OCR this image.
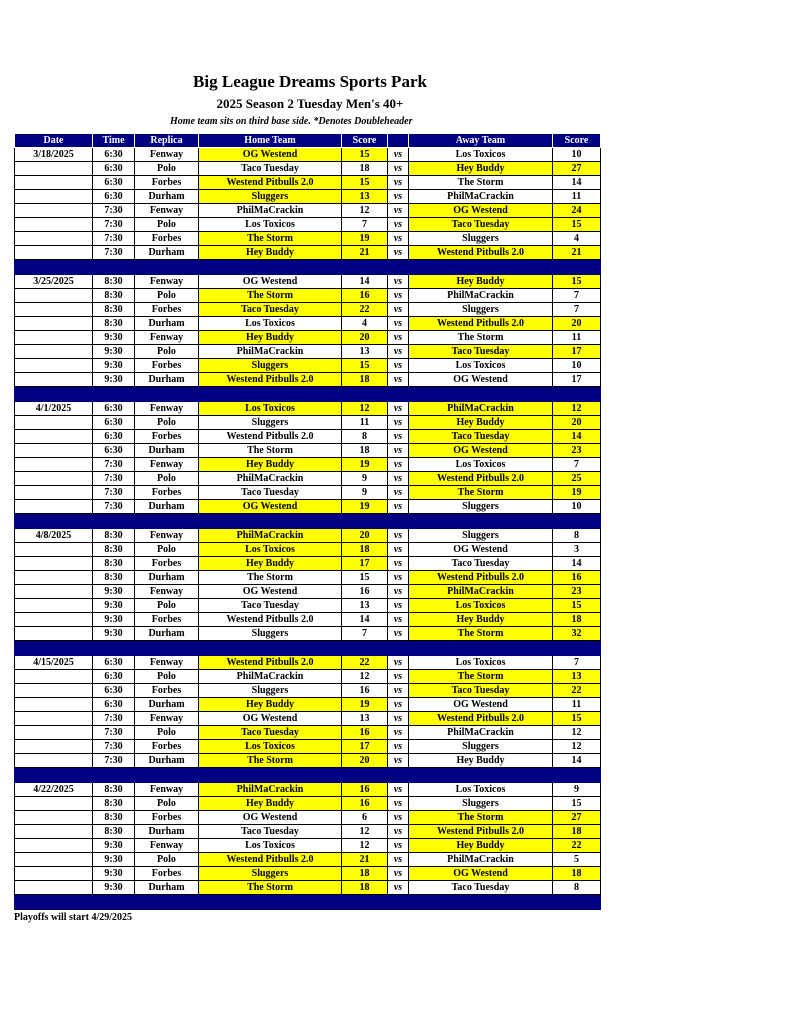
Big League Dreams Sports Park
2025 Season 2 Tuesday Men's 40+
Home team sits on third base side. *Denotes Doubleheader
Date	Time	Replica	Home Team	Score		Away Team	Score
3/18/2025	6:30	Fenway	OG Westend	15	vs	Los Toxicos	10
	6:30	Polo	Taco Tuesday	18	vs	Hey Buddy	27
	6:30	Forbes	Westend Pitbulls 2.0	15	vs	The Storm	14
	6:30	Durham	Sluggers	13	vs	PhilMaCrackin	11
	7:30	Fenway	PhilMaCrackin	12	vs	OG Westend	24
	7:30	Polo	Los Toxicos	7	vs	Taco Tuesday	15
	7:30	Forbes	The Storm	19	vs	Sluggers	4
	7:30	Durham	Hey Buddy	21	vs	Westend Pitbulls 2.0	21

3/25/2025	8:30	Fenway	OG Westend	14	vs	Hey Buddy	15
	8:30	Polo	The Storm	16	vs	PhilMaCrackin	7
	8:30	Forbes	Taco Tuesday	22	vs	Sluggers	7
	8:30	Durham	Los Toxicos	4	vs	Westend Pitbulls 2.0	20
	9:30	Fenway	Hey Buddy	20	vs	The Storm	11
	9:30	Polo	PhilMaCrackin	13	vs	Taco Tuesday	17
	9:30	Forbes	Sluggers	15	vs	Los Toxicos	10
	9:30	Durham	Westend Pitbulls 2.0	18	vs	OG Westend	17

4/1/2025	6:30	Fenway	Los Toxicos	12	vs	PhilMaCrackin	12
	6:30	Polo	Sluggers	11	vs	Hey Buddy	20
	6:30	Forbes	Westend Pitbulls 2.0	8	vs	Taco Tuesday	14
	6:30	Durham	The Storm	18	vs	OG Westend	23
	7:30	Fenway	Hey Buddy	19	vs	Los Toxicos	7
	7:30	Polo	PhilMaCrackin	9	vs	Westend Pitbulls 2.0	25
	7:30	Forbes	Taco Tuesday	9	vs	The Storm	19
	7:30	Durham	OG Westend	19	vs	Sluggers	10

4/8/2025	8:30	Fenway	PhilMaCrackin	20	vs	Sluggers	8
	8:30	Polo	Los Toxicos	18	vs	OG Westend	3
	8:30	Forbes	Hey Buddy	17	vs	Taco Tuesday	14
	8:30	Durham	The Storm	15	vs	Westend Pitbulls 2.0	16
	9:30	Fenway	OG Westend	16	vs	PhilMaCrackin	23
	9:30	Polo	Taco Tuesday	13	vs	Los Toxicos	15
	9:30	Forbes	Westend Pitbulls 2.0	14	vs	Hey Buddy	18
	9:30	Durham	Sluggers	7	vs	The Storm	32

4/15/2025	6:30	Fenway	Westend Pitbulls 2.0	22	vs	Los Toxicos	7
	6:30	Polo	PhilMaCrackin	12	vs	The Storm	13
	6:30	Forbes	Sluggers	16	vs	Taco Tuesday	22
	6:30	Durham	Hey Buddy	19	vs	OG Westend	11
	7:30	Fenway	OG Westend	13	vs	Westend Pitbulls 2.0	15
	7:30	Polo	Taco Tuesday	16	vs	PhilMaCrackin	12
	7:30	Forbes	Los Toxicos	17	vs	Sluggers	12
	7:30	Durham	The Storm	20	vs	Hey Buddy	14

4/22/2025	8:30	Fenway	PhilMaCrackin	16	vs	Los Toxicos	9
	8:30	Polo	Hey Buddy	16	vs	Sluggers	15
	8:30	Forbes	OG Westend	6	vs	The Storm	27
	8:30	Durham	Taco Tuesday	12	vs	Westend Pitbulls 2.0	18
	9:30	Fenway	Los Toxicos	12	vs	Hey Buddy	22
	9:30	Polo	Westend Pitbulls 2.0	21	vs	PhilMaCrackin	5
	9:30	Forbes	Sluggers	18	vs	OG Westend	18
	9:30	Durham	The Storm	18	vs	Taco Tuesday	8

Playoffs will start 4/29/2025
